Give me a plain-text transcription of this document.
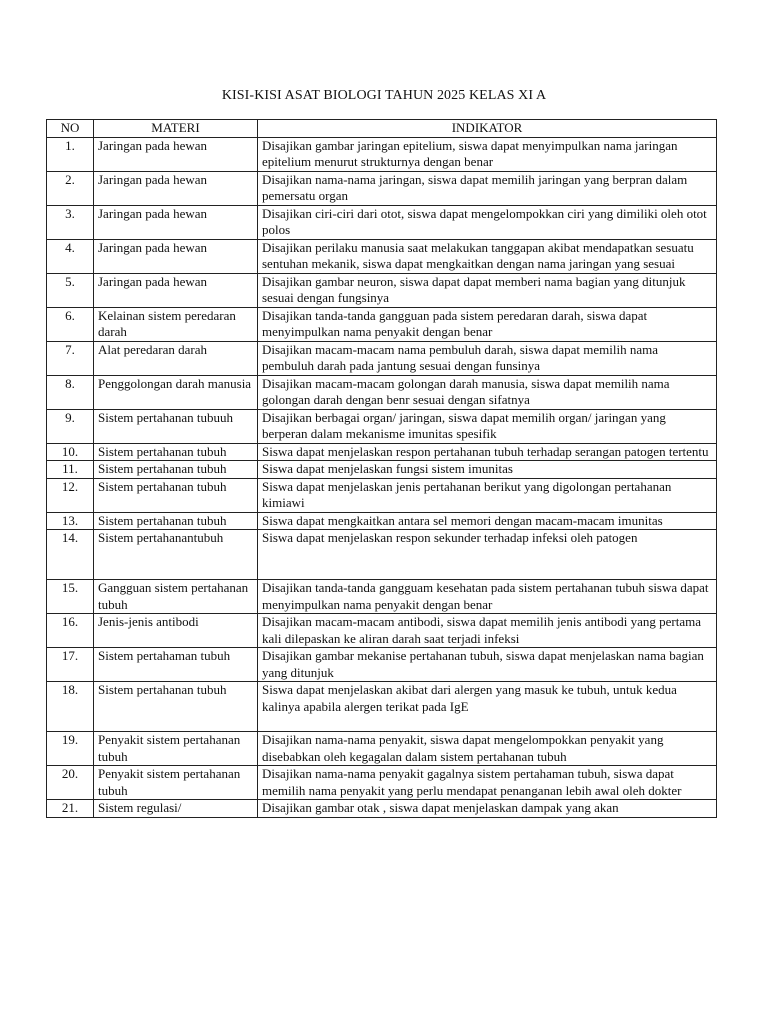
KISI-KISI ASAT BIOLOGI TAHUN 2025 KELAS XI A
NO	MATERI	INDIKATOR
1.	Jaringan pada hewan	Disajikan gambar jaringan epitelium, siswa dapat menyimpulkan nama jaringan epitelium menurut strukturnya dengan benar
2.	Jaringan pada hewan	Disajikan nama-nama jaringan, siswa dapat memilih jaringan yang berpran dalam pemersatu organ
3.	Jaringan pada hewan	Disajikan ciri-ciri dari otot, siswa dapat mengelompokkan ciri yang dimiliki oleh otot polos
4.	Jaringan pada hewan	Disajikan perilaku manusia saat melakukan tanggapan akibat mendapatkan sesuatu sentuhan mekanik, siswa dapat mengkaitkan dengan nama jaringan yang sesuai
5.	Jaringan pada hewan	Disajikan gambar neuron, siswa dapat dapat memberi nama bagian yang ditunjuk sesuai dengan fungsinya
6.	Kelainan sistem peredaran darah	Disajikan tanda-tanda gangguan pada sistem peredaran darah, siswa dapat menyimpulkan nama penyakit dengan benar
7.	Alat peredaran darah	Disajikan macam-macam nama pembuluh darah, siswa dapat memilih nama pembuluh darah pada jantung sesuai dengan funsinya
8.	Penggolongan darah manusia	Disajikan macam-macam golongan darah manusia, siswa dapat memilih nama golongan darah dengan benr sesuai dengan sifatnya
9.	Sistem pertahanan tubuuh	Disajikan berbagai organ/ jaringan, siswa dapat memilih organ/ jaringan yang berperan dalam mekanisme imunitas spesifik
10.	Sistem pertahanan tubuh	Siswa dapat menjelaskan respon pertahanan tubuh terhadap serangan patogen tertentu
11.	Sistem pertahanan tubuh	Siswa dapat menjelaskan fungsi sistem imunitas
12.	Sistem pertahanan tubuh	Siswa dapat menjelaskan jenis pertahanan berikut yang digolongan pertahanan kimiawi
13.	Sistem pertahanan tubuh	Siswa dapat mengkaitkan antara sel memori dengan macam-macam imunitas
14.	Sistem pertahanantubuh	Siswa dapat menjelaskan respon sekunder terhadap infeksi oleh patogen
15.	Gangguan sistem pertahanan tubuh	Disajikan tanda-tanda gangguam kesehatan pada sistem pertahanan tubuh siswa dapat menyimpulkan nama penyakit dengan benar
16.	Jenis-jenis antibodi	Disajikan macam-macam antibodi, siswa dapat memilih jenis antibodi yang pertama kali dilepaskan ke aliran darah saat terjadi infeksi
17.	Sistem pertahaman tubuh	Disajikan gambar mekanise pertahanan tubuh, siswa dapat menjelaskan nama bagian yang ditunjuk
18.	Sistem pertahanan tubuh	Siswa dapat menjelaskan akibat dari alergen yang masuk ke tubuh, untuk kedua kalinya apabila alergen terikat pada IgE
19.	Penyakit sistem pertahanan tubuh	Disajikan nama-nama penyakit, siswa dapat mengelompokkan penyakit yang disebabkan oleh kegagalan dalam sistem pertahanan tubuh
20.	Penyakit sistem pertahanan tubuh	Disajikan nama-nama penyakit gagalnya sistem pertahaman tubuh, siswa dapat memilih nama penyakit yang perlu mendapat penanganan lebih awal oleh dokter
21.	Sistem regulasi/	Disajikan gambar otak , siswa dapat menjelaskan dampak yang akan
